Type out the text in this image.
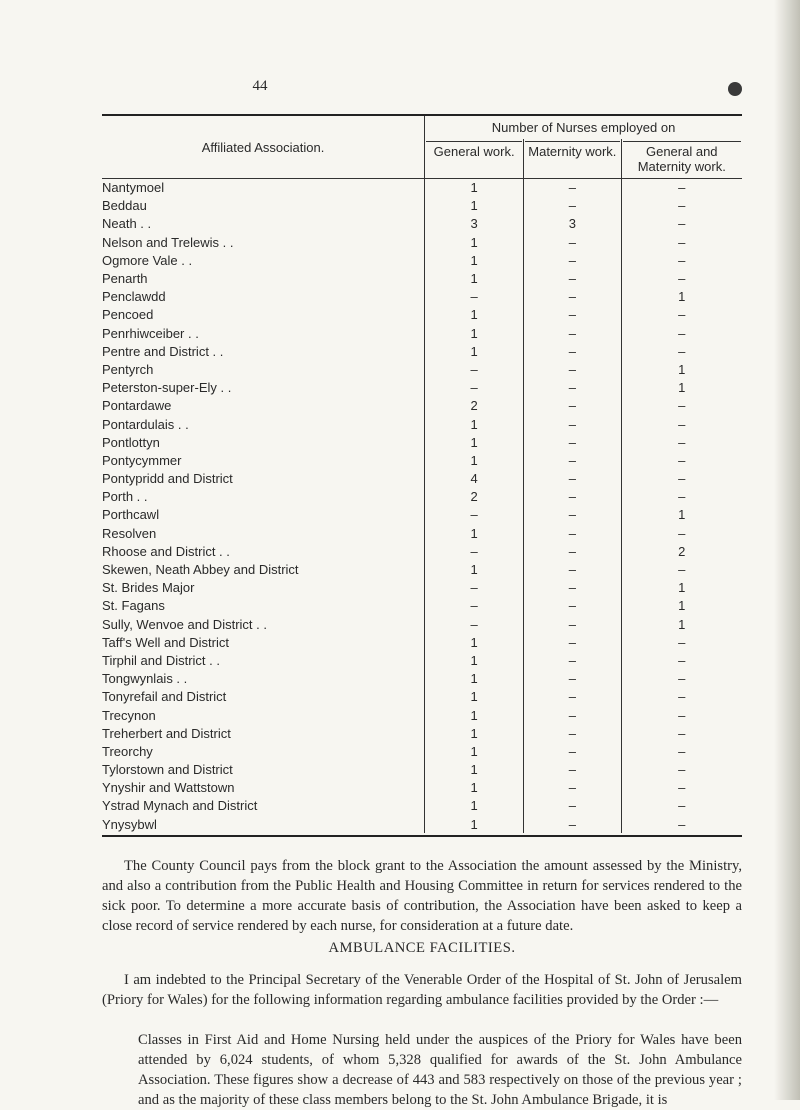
44
Affiliated Association.	Number of Nurses employed on		

	General work.	Maternity work.	General and Maternity work.

Nantymoel	1	–	–
Beddau	1	–	–
Neath . .	3	3	–
Nelson and Trelewis . .	1	–	–
Ogmore Vale . .	1	–	–
Penarth	1	–	–
Penclawdd	–	–	1
Pencoed	1	–	–
Penrhiwceiber . .	1	–	–
Pentre and District . .	1	–	–
Pentyrch	–	–	1
Peterston-super-Ely . .	–	–	1
Pontardawe	2	–	–
Pontardulais . .	1	–	–
Pontlottyn	1	–	–
Pontycymmer	1	–	–
Pontypridd and District	4	–	–
Porth . .	2	–	–
Porthcawl	–	–	1
Resolven	1	–	–
Rhoose and District . .	–	–	2
Skewen, Neath Abbey and District	1	–	–
St. Brides Major	–	–	1
St. Fagans	–	–	1
Sully, Wenvoe and District . .	–	–	1
Taff's Well and District	1	–	–
Tirphil and District . .	1	–	–
Tongwynlais . .	1	–	–
Tonyrefail and District	1	–	–
Trecynon	1	–	–
Treherbert and District	1	–	–
Treorchy	1	–	–
Tylorstown and District	1	–	–
Ynyshir and Wattstown	1	–	–
Ystrad Mynach and District	1	–	–
Ynysybwl	1	–	–

The County Council pays from the block grant to the Association the amount assessed by the Ministry, and also a contribution from the Public Health and Housing Committee in return for services rendered to the sick poor. To determine a more accurate basis of contribution, the Association have been asked to keep a close record of service rendered by each nurse, for consideration at a future date.
AMBULANCE FACILITIES.
I am indebted to the Principal Secretary of the Venerable Order of the Hospital of St. John of Jerusalem (Priory for Wales) for the following information regarding ambulance facilities provided by the Order :—
Classes in First Aid and Home Nursing held under the auspices of the Priory for Wales have been attended by 6,024 students, of whom 5,328 qualified for awards of the St. John Ambulance Association. These figures show a decrease of 443 and 583 respectively on those of the previous year ; and as the majority of these class members belong to the St. John Ambulance Brigade, it is
